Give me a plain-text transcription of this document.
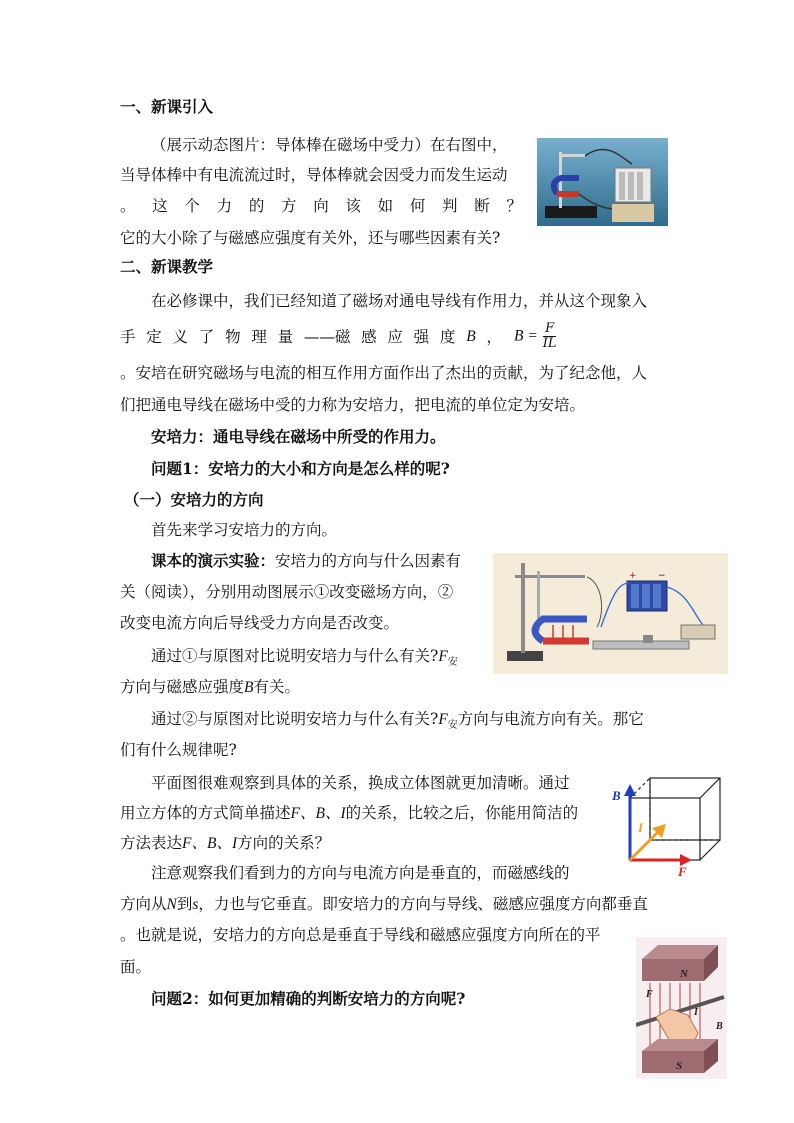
一、新课引入
（展示动态图片：导体棒在磁场中受力）在右图中，
当导体棒中有电流流过时，导体棒就会因受力而发生运动
。 这 个 力 的 方 向 该 如 何 判 断 ？
它的大小除了与磁感应强度有关外，还与哪些因素有关?
二、新课教学
在必修课中，我们已经知道了磁场对通电导线有作用力，并从这个现象入
手 定 义 了 物 理 量 ——磁 感 应 强 度 B ， $B = \frac{F}{IL}$
。安培在研究磁场与电流的相互作用方面作出了杰出的贡献，为了纪念他，人
们把通电导线在磁场中受的力称为安培力，把电流的单位定为安培。
安培力：通电导线在磁场中所受的作用力。
问题1：安培力的大小和方向是怎么样的呢?
（一）安培力的方向
首先来学习安培力的方向。
课本的演示实验：安培力的方向与什么因素有
关（阅读），分别用动图展示①改变磁场方向，②
改变电流方向后导线受力方向是否改变。
+ −
通过①与原图对比说明安培力与什么有关$?F_安$
方向与磁感应强度B有关。
通过②与原图对比说明安培力与什么有关$?F_安$方向与电流方向有关。那它
们有什么规律呢?
平面图很难观察到具体的关系，换成立体图就更加清晰。通过
用立方体的方式简单描述F、B、I的关系，比较之后，你能用简洁的
方法表达F、B、I方向的关系？
B
I
F
注意观察我们看到力的方向与电流方向是垂直的，而磁感线的
方向从N到s，力也与它垂直。即安培力的方向与导线、磁感应强度方向都垂直
。也就是说，安培力的方向总是垂直于导线和磁感应强度方向所在的平
面。
问题2：如何更加精确的判断安培力的方向呢?
N
F
I
B
S
